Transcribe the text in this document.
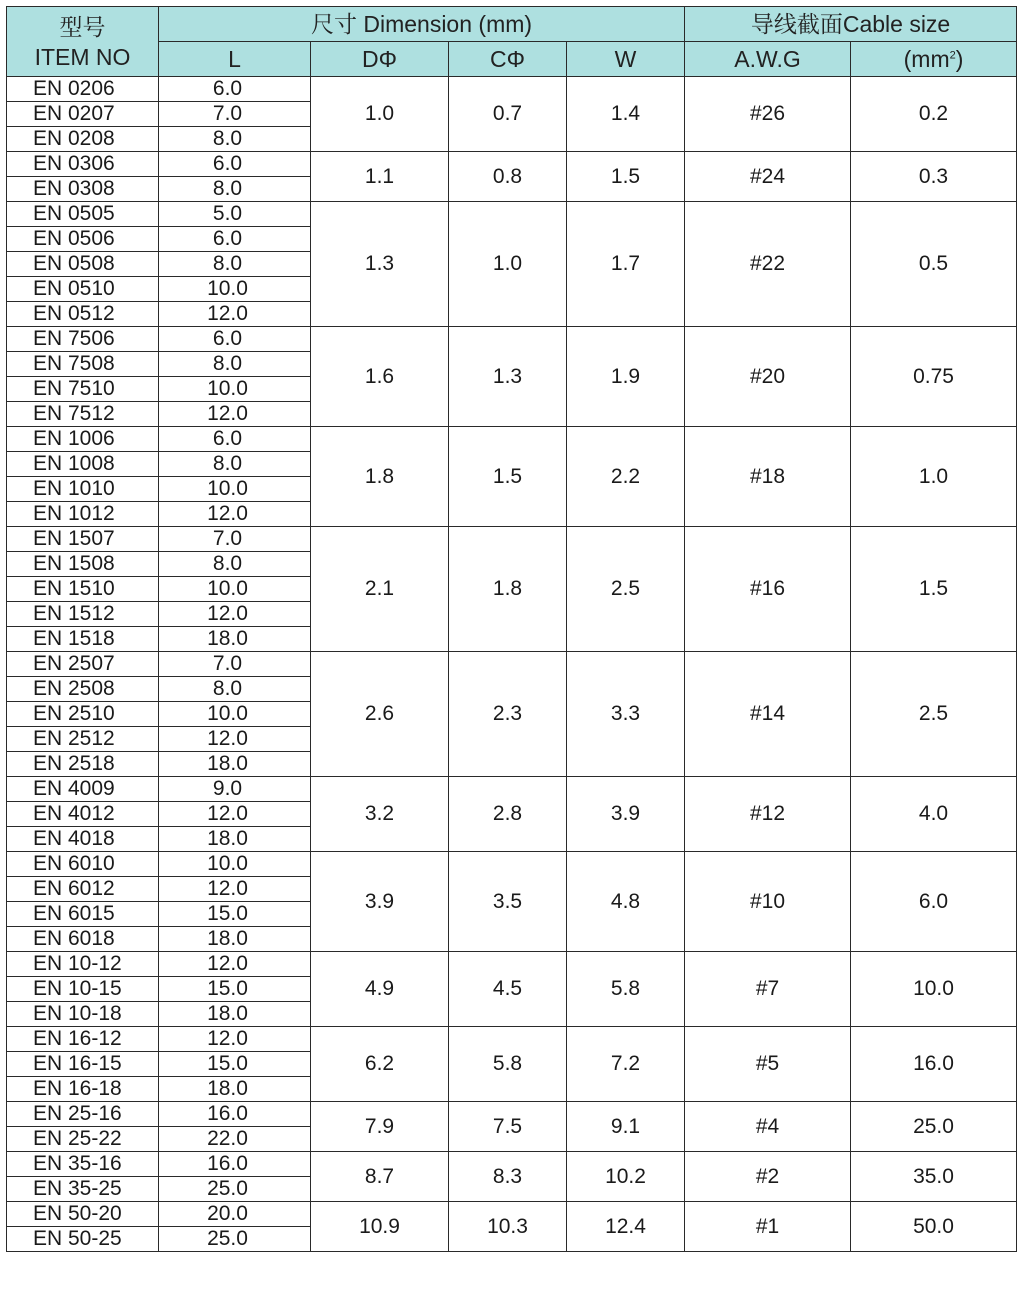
型号
ITEM NO	尺寸 Dimension (mm)				导线截面Cable size	
	L	DΦ	CΦ	W	A.W.G	$(mm^2)$
EN 0206	6.0	1.0	0.7	1.4	#26	0.2
EN 0207	7.0					
EN 0208	8.0					
EN 0306	6.0	1.1	0.8	1.5	#24	0.3
EN 0308	8.0					
EN 0505	5.0	1.3	1.0	1.7	#22	0.5
EN 0506	6.0					
EN 0508	8.0					
EN 0510	10.0					
EN 0512	12.0					
EN 7506	6.0	1.6	1.3	1.9	#20	0.75
EN 7508	8.0					
EN 7510	10.0					
EN 7512	12.0					
EN 1006	6.0	1.8	1.5	2.2	#18	1.0
EN 1008	8.0					
EN 1010	10.0					
EN 1012	12.0					
EN 1507	7.0	2.1	1.8	2.5	#16	1.5
EN 1508	8.0					
EN 1510	10.0					
EN 1512	12.0					
EN 1518	18.0					
EN 2507	7.0	2.6	2.3	3.3	#14	2.5
EN 2508	8.0					
EN 2510	10.0					
EN 2512	12.0					
EN 2518	18.0					
EN 4009	9.0	3.2	2.8	3.9	#12	4.0
EN 4012	12.0					
EN 4018	18.0					
EN 6010	10.0	3.9	3.5	4.8	#10	6.0
EN 6012	12.0					
EN 6015	15.0					
EN 6018	18.0					
EN 10-12	12.0	4.9	4.5	5.8	#7	10.0
EN 10-15	15.0					
EN 10-18	18.0					
EN 16-12	12.0	6.2	5.8	7.2	#5	16.0
EN 16-15	15.0					
EN 16-18	18.0					
EN 25-16	16.0	7.9	7.5	9.1	#4	25.0
EN 25-22	22.0					
EN 35-16	16.0	8.7	8.3	10.2	#2	35.0
EN 35-25	25.0					
EN 50-20	20.0	10.9	10.3	12.4	#1	50.0
EN 50-25	25.0					
